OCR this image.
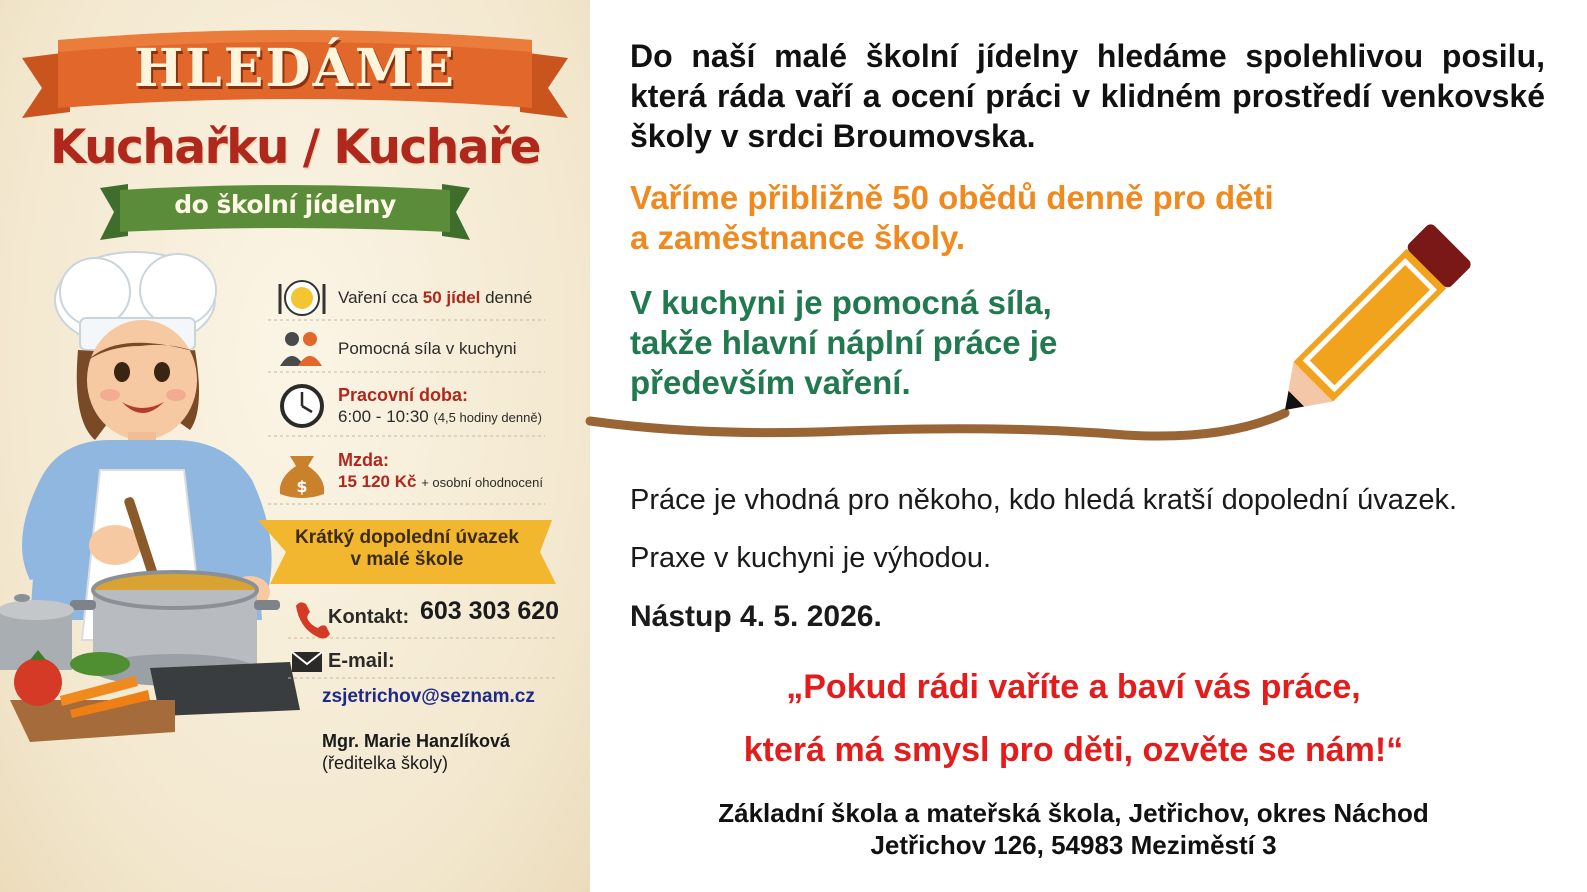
$
HLEDÁME
Kuchařku / Kuchaře
do školní jídelny
Vaření cca 50 jídel denné
Pomocná síla v kuchyni
Pracovní doba:
6:00 - 10:30 (4,5 hodiny denně)
Mzda:
15 120 Kč + osobní ohodnocení
Krátký dopolední úvazek
v malé škole
Kontakt: 603 303 620
E-mail:
zsjetrichov@seznam.cz
Mgr. Marie Hanzlíková
(ředitelka školy)
Do naší malé školní jídelny hledáme spolehlivou posilu, která ráda vaří a ocení práci v klidném prostředí venkovské školy v srdci Broumovska.
Vaříme přibližně 50 obědů denně pro děti
a zaměstnance školy.
V kuchyni je pomocná síla,
takže hlavní náplní práce je
především vaření.
Práce je vhodná pro někoho, kdo hledá kratší dopolední úvazek.
Praxe v kuchyni je výhodou.
Nástup 4. 5. 2026.
„Pokud rádi vaříte a baví vás práce,
která má smysl pro děti, ozvěte se nám!“
Základní škola a mateřská škola, Jetřichov, okres Náchod
Jetřichov 126, 54983 Meziměstí 3
